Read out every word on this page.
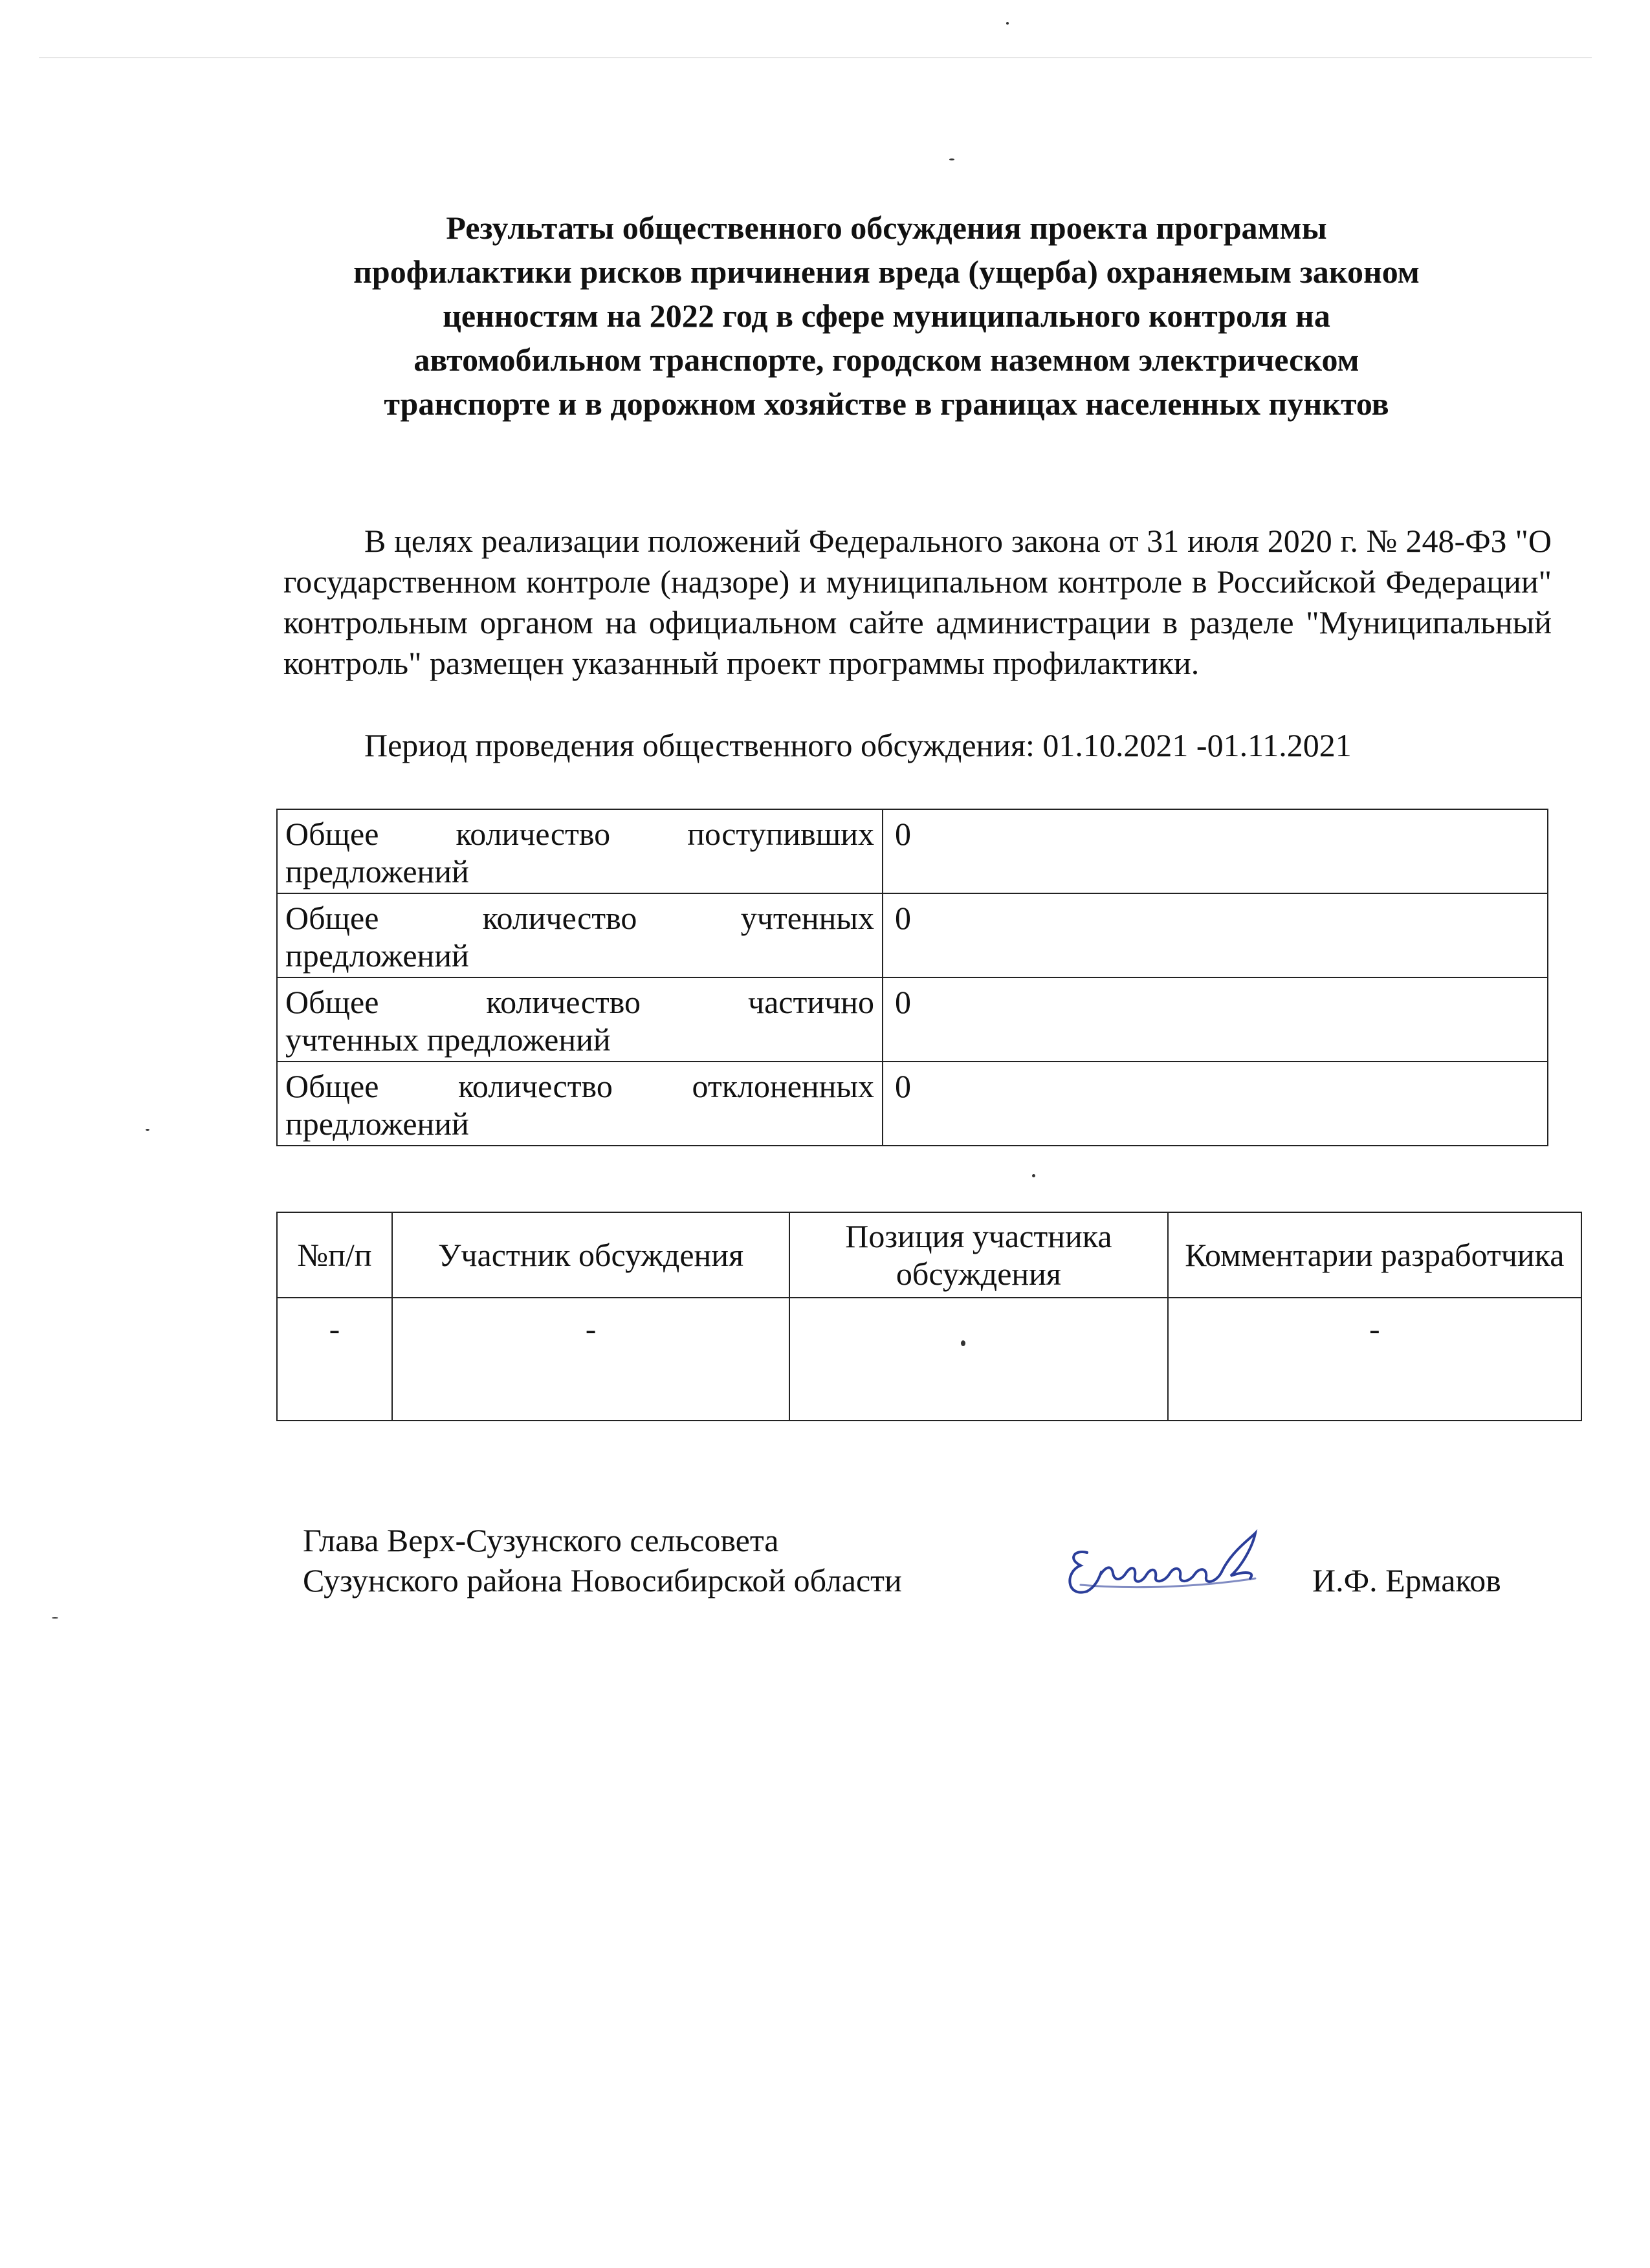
Результаты общественного обсуждения проекта программы
профилактики рисков причинения вреда (ущерба) охраняемым законом
ценностям на 2022 год в сфере муниципального контроля на
автомобильном транспорте, городском наземном электрическом
транспорте и в дорожном хозяйстве в границах населенных пунктов

В целях реализации положений Федерального закона от 31 июля 2020 г. № 248-ФЗ "О государственном контроле (надзоре) и муниципальном контроле в Российской Федерации" контрольным органом на официальном сайте администрации в разделе "Муниципальный контроль" размещен указанный проект программы профилактики.

Период проведения общественного обсуждения: 01.10.2021 -01.11.2021
Общее количество поступивших
предложений	0

Общее количество учтенных
предложений	0

Общее количество частично
учтенных предложений	0

Общее количество отклоненных
предложений	0
№п/п	Участник обсуждения	Позиция участника обсуждения	Комментарии разработчика
-	-		-
Глава Верх-Сузунского сельсовета
Сузунского района Новосибирской области	И.Ф. Ермаков
